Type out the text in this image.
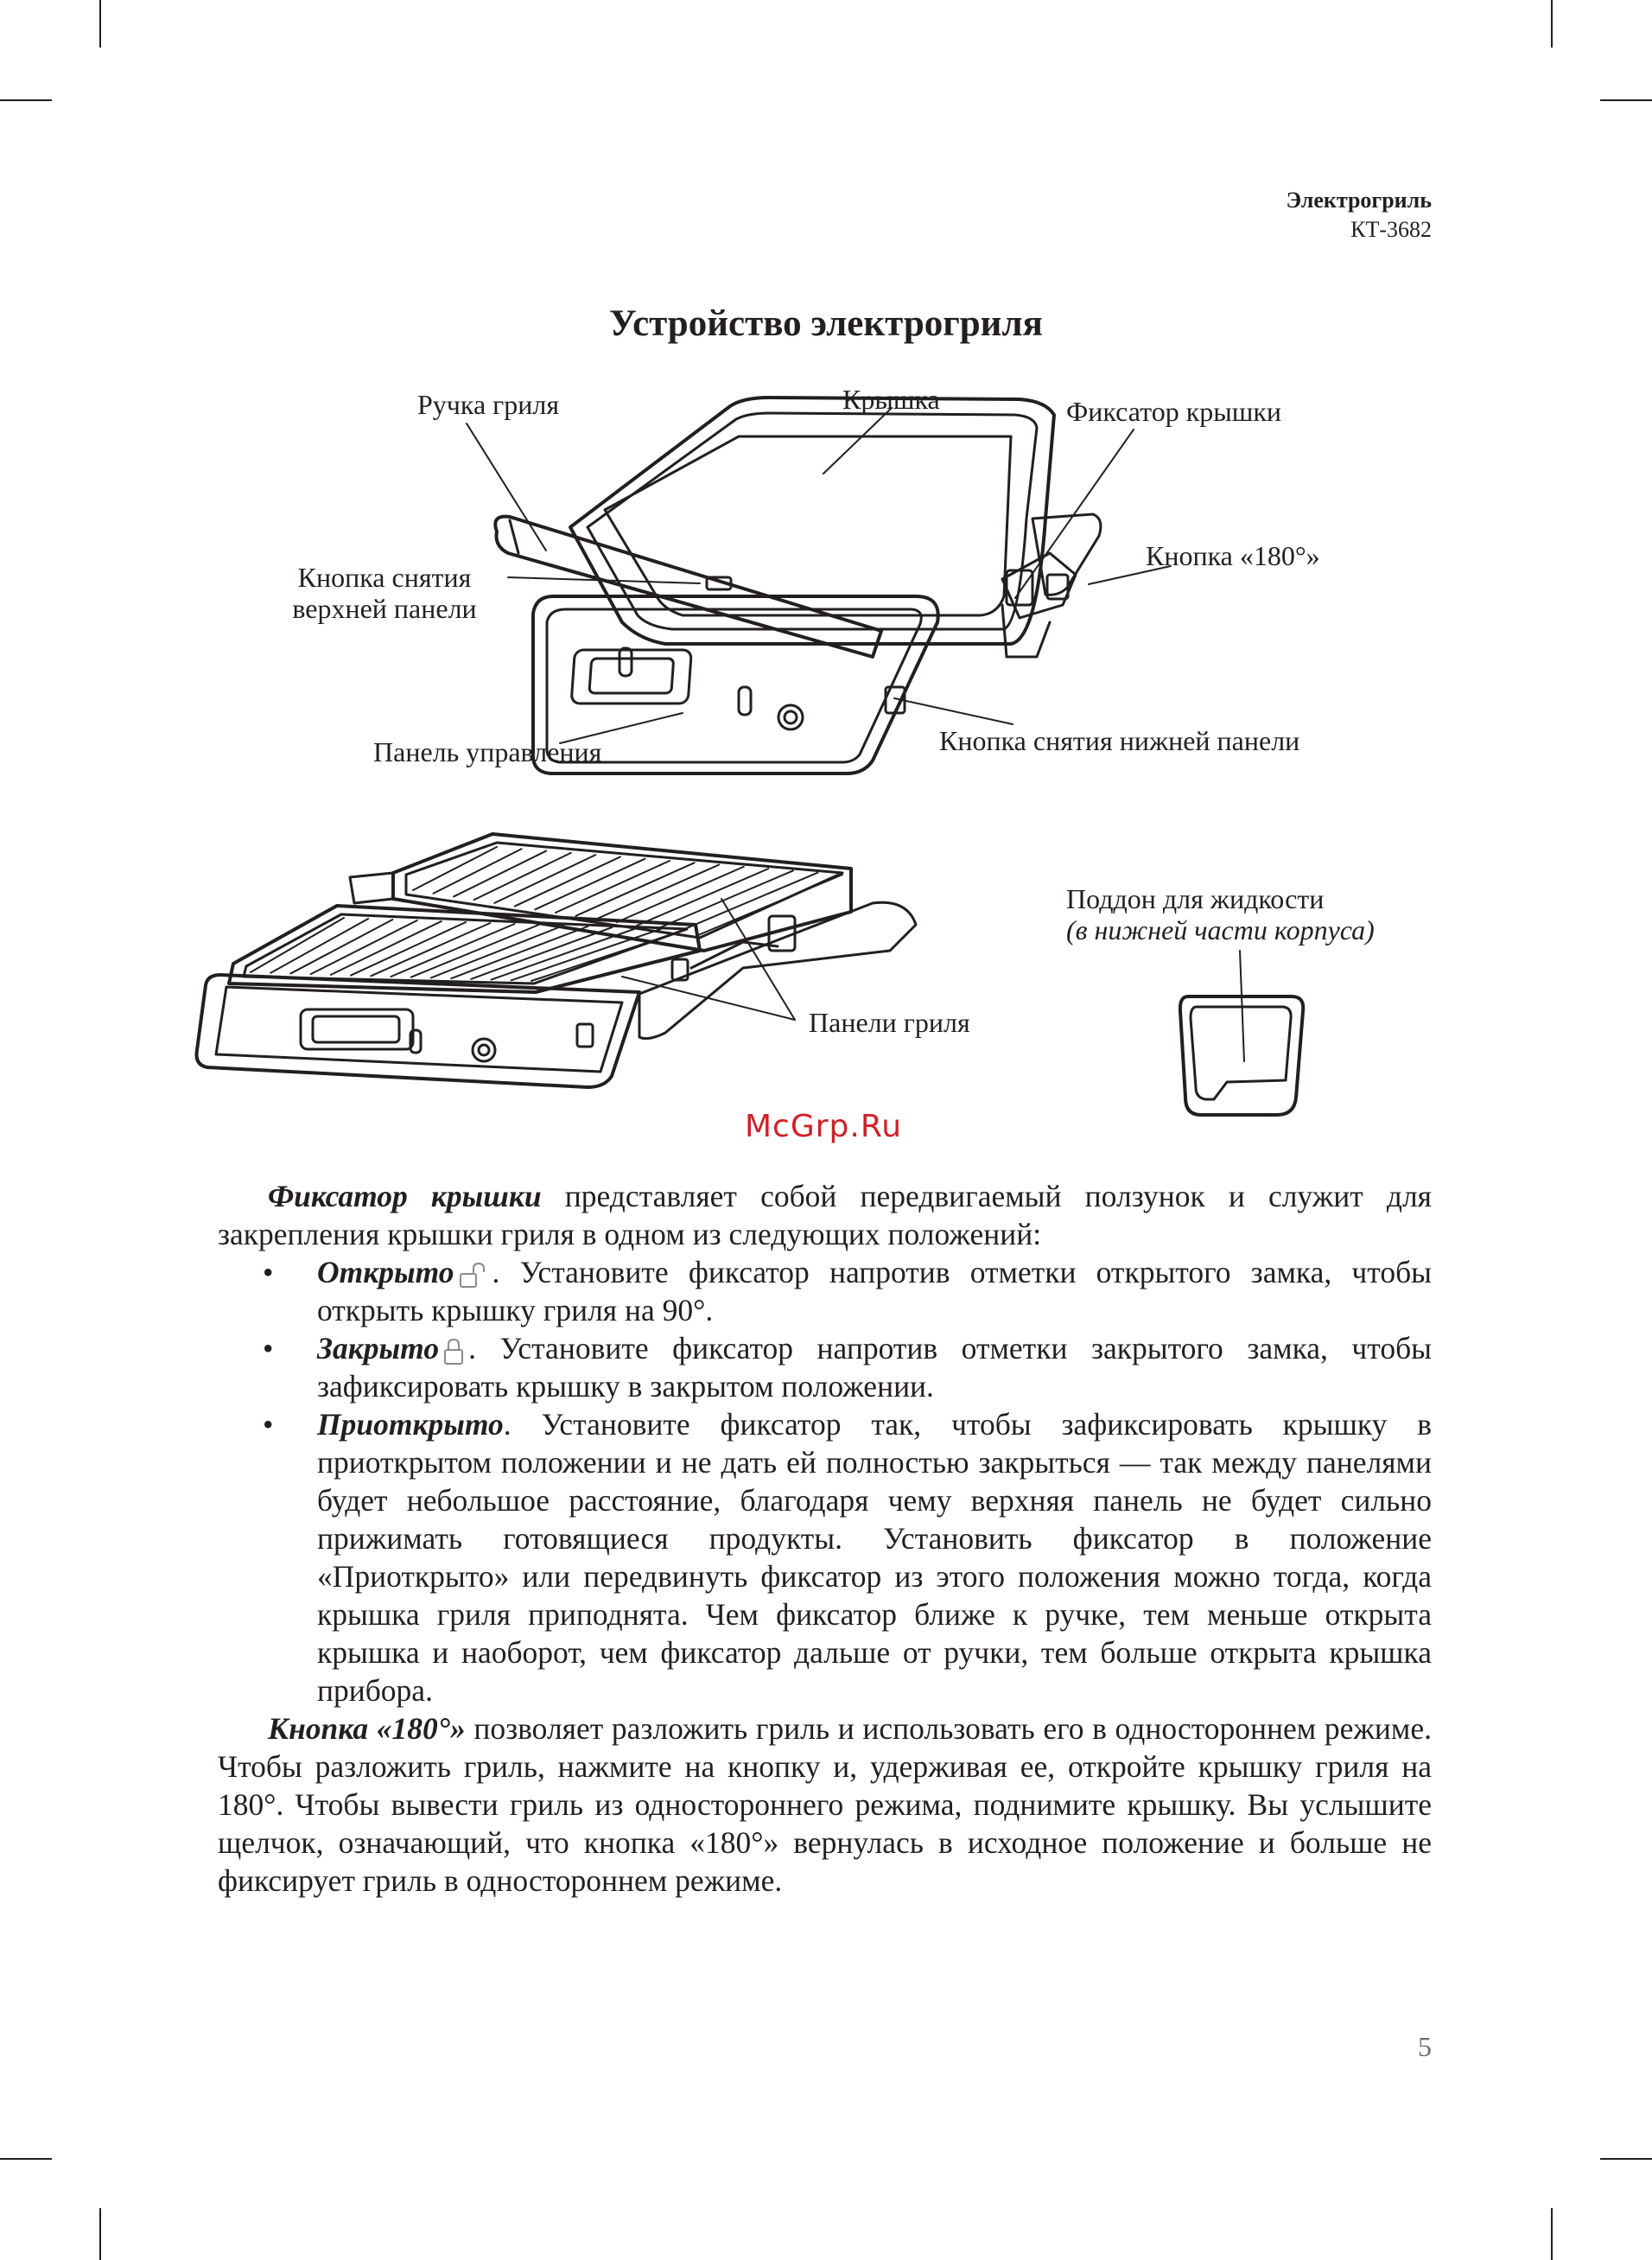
Электрогриль
КТ-3682
Устройство электрогриля
Ручка гриля	Крышка	Фиксатор крышки
Кнопка «180°»
Кнопка снятия
верхней панели
Панель управления	Кнопка снятия нижней панели
Панели гриля
Поддон для жидкости
(в нижней части корпуса)
McGrp.Ru

Фиксатор крышки представляет собой передвигаемый ползунок и служит для закрепления крышки гриля в одном из следующих положений:

• Открыто . Установите фиксатор напротив отметки открытого замка, чтобы открыть крышку гриля на 90°.
• Закрыто . Установите фиксатор напротив отметки закрытого замка, чтобы зафиксировать крышку в закрытом положении.
• Приоткрыто. Установите фиксатор так, чтобы зафиксировать крышку в приоткрытом положении и не дать ей полностью закрыться — так между панелями будет небольшое расстояние, благодаря чему верхняя панель не будет сильно прижимать готовящиеся продукты. Установить фиксатор в положение «Приоткрыто» или передвинуть фиксатор из этого положения можно тогда, когда крышка гриля приподнята. Чем фиксатор ближе к ручке, тем меньше открыта крышка и наоборот, чем фиксатор дальше от ручки, тем больше открыта крышка прибора.

Кнопка «180°» позволяет разложить гриль и использовать его в одностороннем режиме. Чтобы разложить гриль, нажмите на кнопку и, удерживая ее, откройте крышку гриля на 180°. Чтобы вывести гриль из одностороннего режима, поднимите крышку. Вы услышите щелчок, означающий, что кнопка «180°» вернулась в исходное положение и больше не фиксирует гриль в одностороннем режиме.

5
